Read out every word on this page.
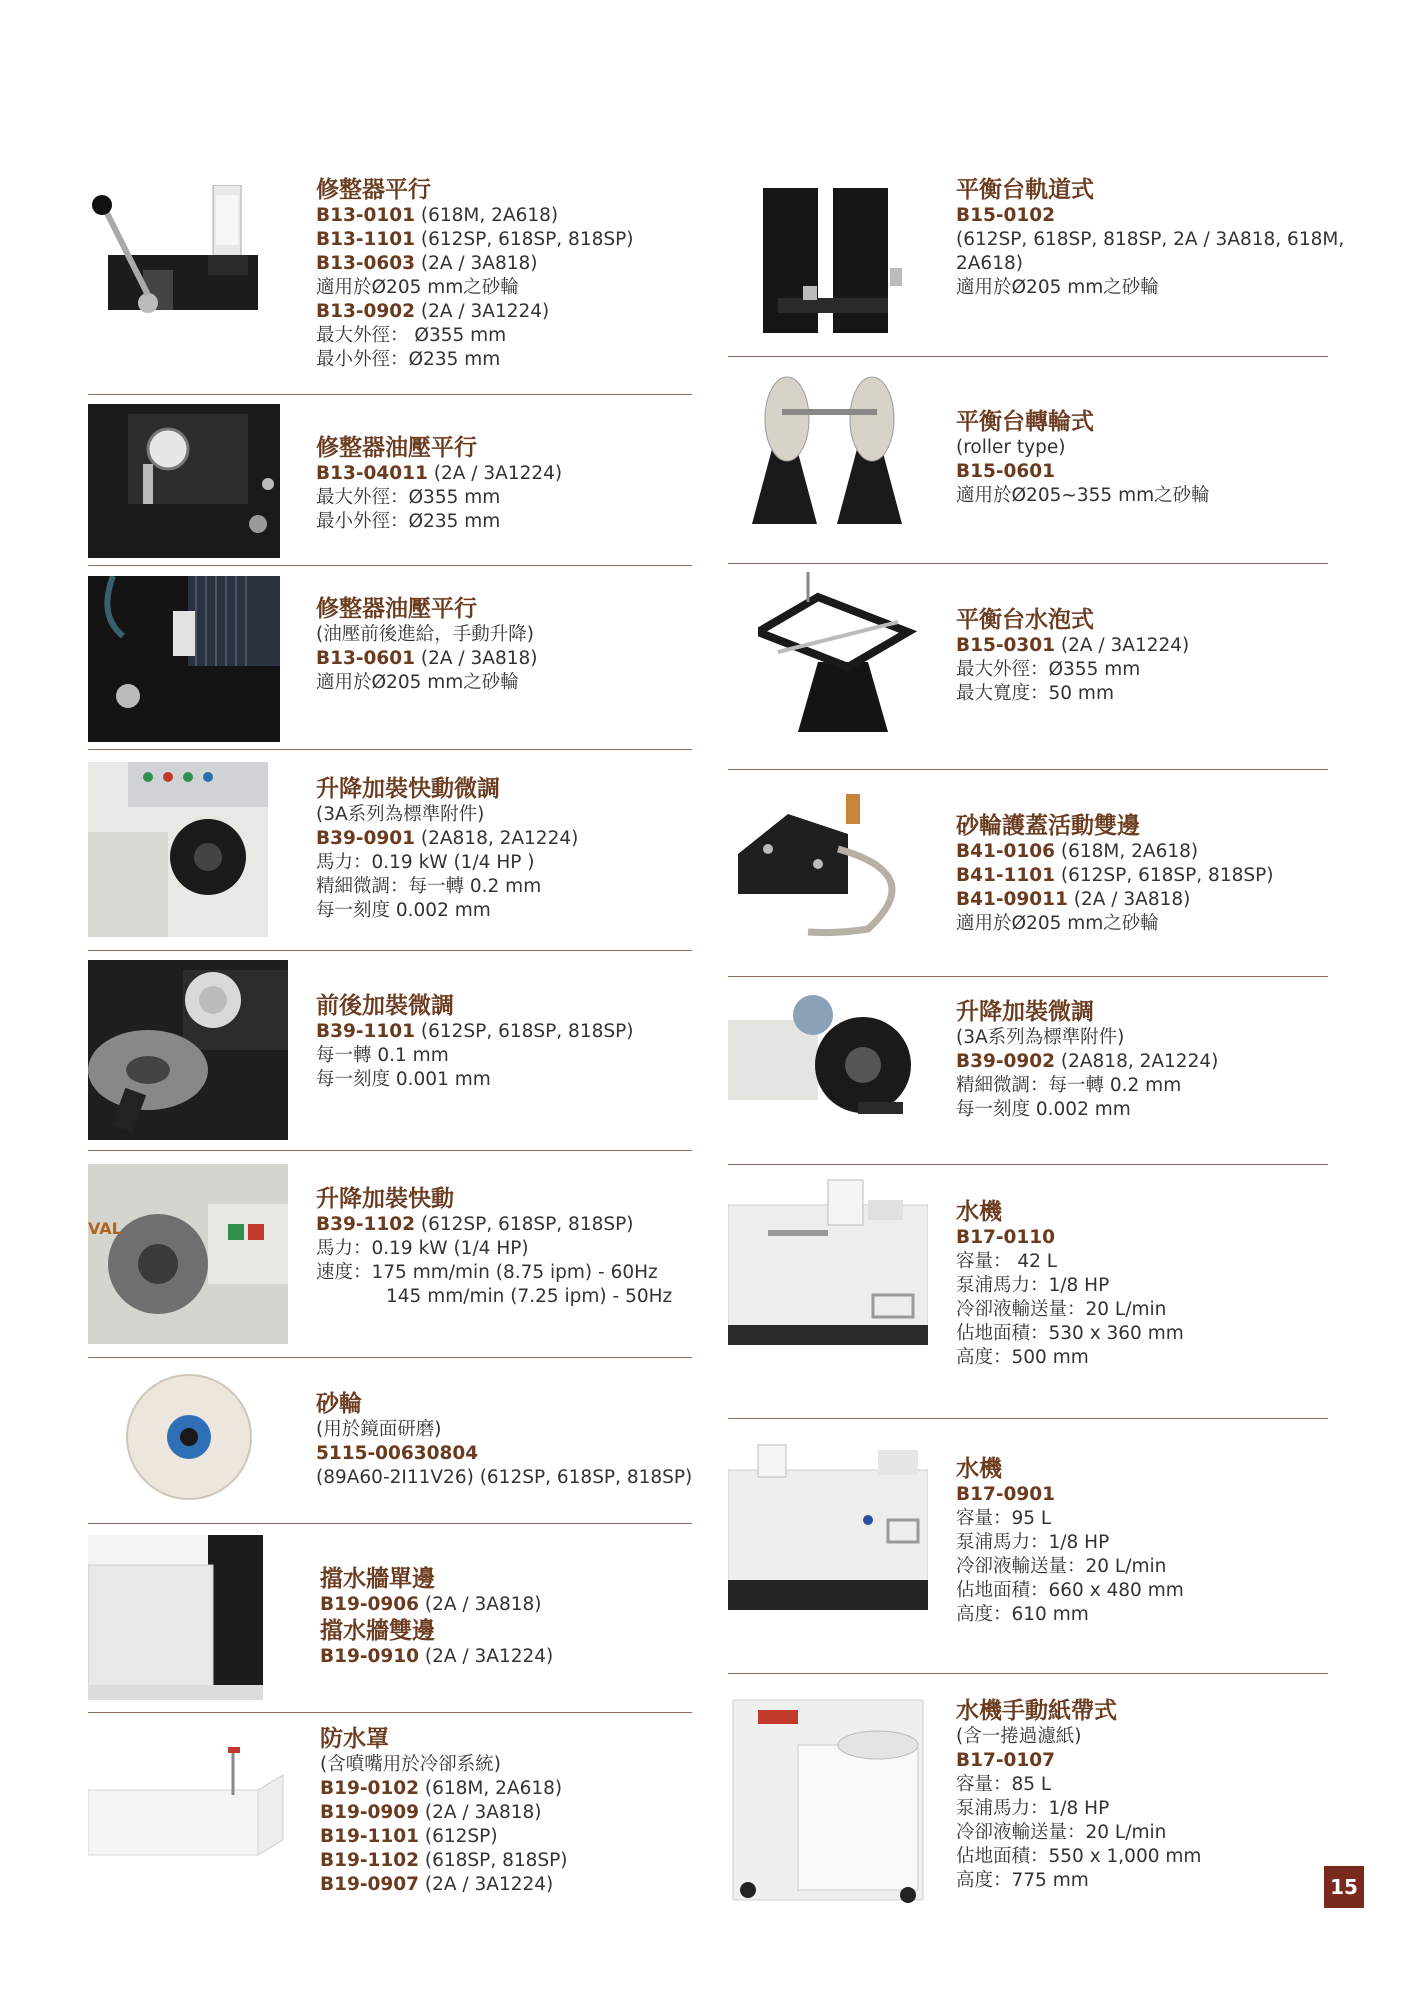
修整器平行
B13-0101 (618M, 2A618)
B13-1101 (612SP, 618SP, 818SP)
B13-0603 (2A / 3A818)
適用於Ø205 mm之砂輪
B13-0902 (2A / 3A1224)
最大外徑： Ø355 mm
最小外徑：Ø235 mm
修整器油壓平行
B13-04011 (2A / 3A1224)
最大外徑：Ø355 mm
最小外徑：Ø235 mm
修整器油壓平行
(油壓前後進給，手動升降)
B13-0601 (2A / 3A818)
適用於Ø205 mm之砂輪
升降加裝快動微調
(3A系列為標準附件)
B39-0901 (2A818, 2A1224)
馬力：0.19 kW (1/4 HP )
精細微調：每一轉 0.2 mm
每一刻度 0.002 mm
前後加裝微調
B39-1101 (612SP, 618SP, 818SP)
每一轉 0.1 mm
每一刻度 0.001 mm
VAL
升降加裝快動
B39-1102 (612SP, 618SP, 818SP)
馬力：0.19 kW (1/4 HP)
速度：175 mm/min (8.75 ipm) - 60Hz
145 mm/min (7.25 ipm) - 50Hz
砂輪
(用於鏡面研磨)
5115-00630804
(89A60-2I11V26) (612SP, 618SP, 818SP)
擋水牆單邊
B19-0906 (2A / 3A818)
擋水牆雙邊
B19-0910 (2A / 3A1224)
防水罩
(含噴嘴用於冷卻系統)
B19-0102 (618M, 2A618)
B19-0909 (2A / 3A818)
B19-1101 (612SP)
B19-1102 (618SP, 818SP)
B19-0907 (2A / 3A1224)
平衡台軌道式
B15-0102
(612SP, 618SP, 818SP, 2A / 3A818, 618M,
2A618)
適用於Ø205 mm之砂輪
平衡台轉輪式
(roller type)
B15-0601
適用於Ø205~355 mm之砂輪
平衡台水泡式
B15-0301 (2A / 3A1224)
最大外徑：Ø355 mm
最大寬度：50 mm
砂輪護蓋活動雙邊
B41-0106 (618M, 2A618)
B41-1101 (612SP, 618SP, 818SP)
B41-09011 (2A / 3A818)
適用於Ø205 mm之砂輪
升降加裝微調
(3A系列為標準附件)
B39-0902 (2A818, 2A1224)
精細微調：每一轉 0.2 mm
每一刻度 0.002 mm
水機
B17-0110
容量： 42 L
泵浦馬力：1/8 HP
冷卻液輸送量：20 L/min
佔地面積：530 x 360 mm
高度：500 mm
水機
B17-0901
容量：95 L
泵浦馬力：1/8 HP
冷卻液輸送量：20 L/min
佔地面積：660 x 480 mm
高度：610 mm
水機手動紙帶式
(含一捲過濾紙)
B17-0107
容量：85 L
泵浦馬力：1/8 HP
冷卻液輸送量：20 L/min
佔地面積：550 x 1,000 mm
高度：775 mm	15
